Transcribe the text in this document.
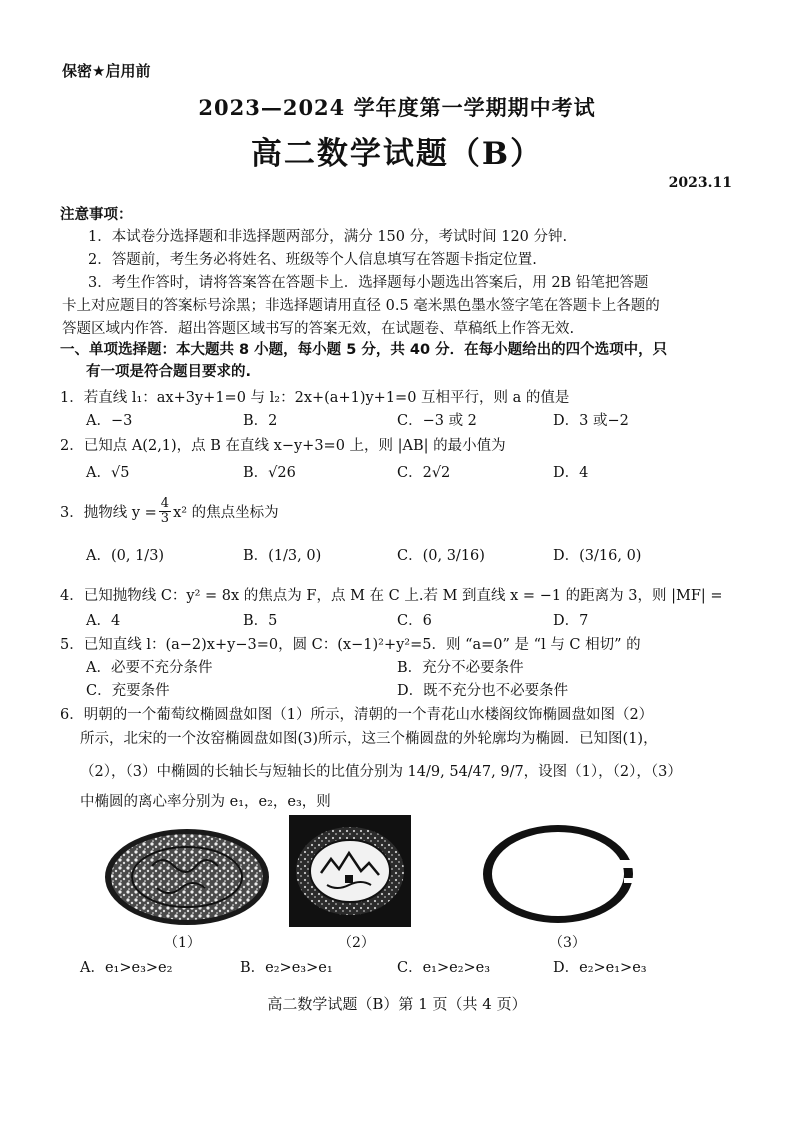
保密★启用前
2023—2024 学年度第一学期期中考试
高二数学试题（B）
2023.11
注意事项：
1．本试卷分选择题和非选择题两部分，满分 150 分，考试时间 120 分钟.
2．答题前，考生务必将姓名、班级等个人信息填写在答题卡指定位置.
3．考生作答时，请将答案答在答题卡上．选择题每小题选出答案后，用 2B 铅笔把答题
卡上对应题目的答案标号涂黑；非选择题请用直径 0.5 毫米黑色墨水签字笔在答题卡上各题的
答题区域内作答．超出答题区域书写的答案无效，在试题卷、草稿纸上作答无效.
一、单项选择题：本大题共 8 小题，每小题 5 分，共 40 分．在每小题给出的四个选项中，只
有一项是符合题目要求的.
1．若直线 l₁：ax+3y+1=0 与 l₂：2x+(a+1)y+1=0 互相平行，则 a 的值是
A．−3	B．2	C．−3 或 2	D．3 或−2
2．已知点 A(2,1)，点 B 在直线 x−y+3=0 上，则 |AB| 的最小值为
A．√5	B．√26	C．2√2	D．4
3．抛物线 $y = \frac{4}{3} x^2$ 的焦点坐标为
A．(0, 1/3)	B．(1/3, 0)	C．(0, 3/16)	D．(3/16, 0)
4．已知抛物线 C：y² = 8x 的焦点为 F，点 M 在 C 上.若 M 到直线 x = −1 的距离为 3，则 |MF| =
A．4	B．5	C．6	D．7
5．已知直线 l：(a−2)x+y−3=0，圆 C：(x−1)²+y²=5．则 “a=0” 是 “l 与 C 相切” 的
A．必要不充分条件	B．充分不必要条件
C．充要条件	D．既不充分也不必要条件
6．明朝的一个葡萄纹椭圆盘如图（1）所示，清朝的一个青花山水楼阁纹饰椭圆盘如图（2）
所示，北宋的一个汝窑椭圆盘如图(3)所示，这三个椭圆盘的外轮廓均为椭圆．已知图(1)，
（2），（3）中椭圆的长轴长与短轴长的比值分别为 14/9, 54/47, 9/7，设图（1），（2），（3）
中椭圆的离心率分别为 e₁，e₂，e₃，则
（1）	（2）	（3）
A．e₁>e₃>e₂	B．e₂>e₃>e₁	C．e₁>e₂>e₃	D．e₂>e₁>e₃
高二数学试题（B）第 1 页（共 4 页）
